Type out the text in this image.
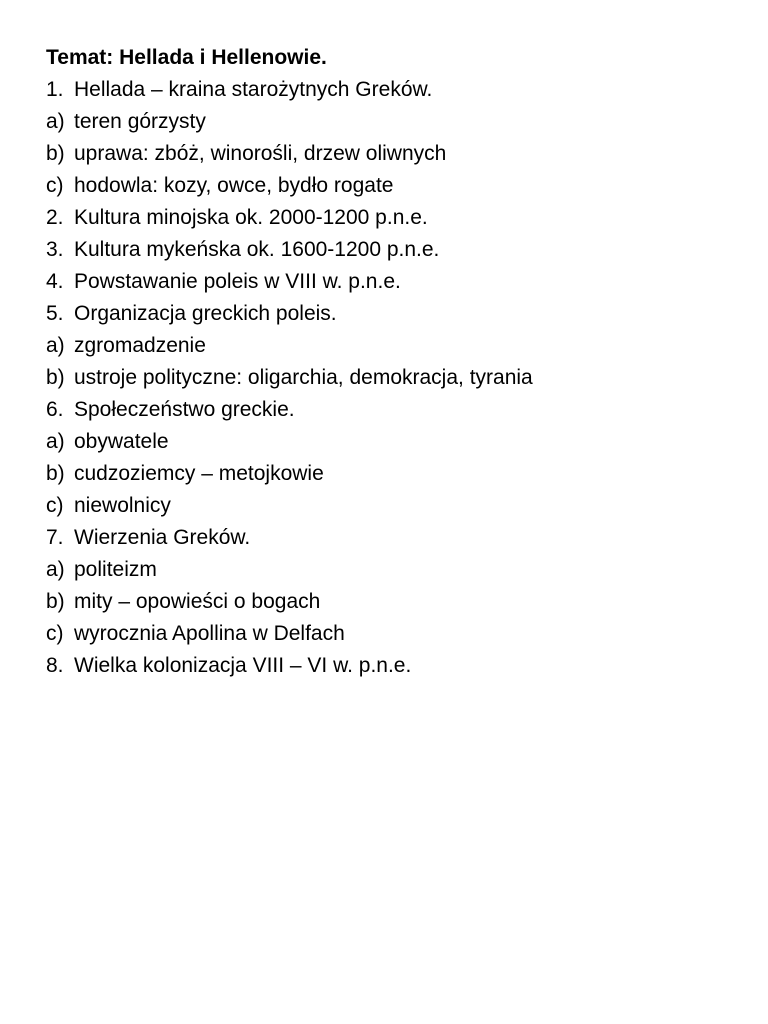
Temat: Hellada i Hellenowie.
1. Hellada – kraina starożytnych Greków.
a) teren górzysty
b) uprawa: zbóż, winorośli, drzew oliwnych
c) hodowla: kozy, owce, bydło rogate
2. Kultura minojska ok. 2000-1200 p.n.e.
3. Kultura mykeńska ok. 1600-1200 p.n.e.
4. Powstawanie poleis w VIII w. p.n.e.
5. Organizacja greckich poleis.
a) zgromadzenie
b) ustroje polityczne: oligarchia, demokracja, tyrania
6. Społeczeństwo greckie.
a) obywatele
b) cudzoziemcy – metojkowie
c) niewolnicy
7. Wierzenia Greków.
a) politeizm
b) mity – opowieści o bogach
c) wyrocznia Apollina w Delfach
8. Wielka kolonizacja VIII – VI w. p.n.e.
